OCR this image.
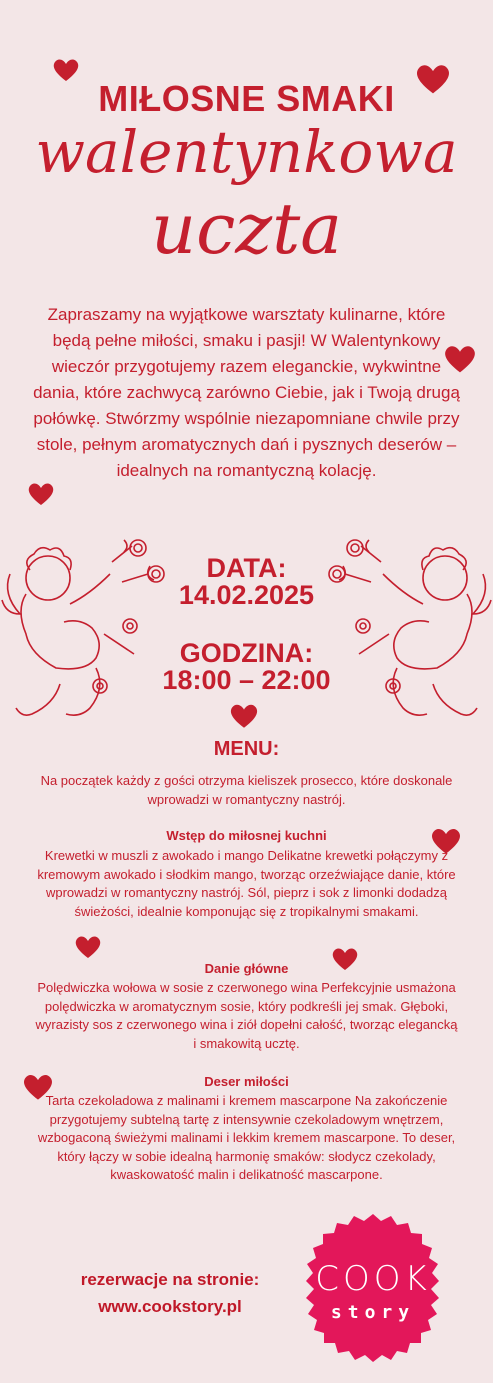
MIŁOSNE SMAKI
walentynkowa
uczta
Zapraszamy na wyjątkowe warsztaty kulinarne, które będą pełne miłości, smaku i pasji! W Walentynkowy wieczór przygotujemy razem eleganckie, wykwintne dania, które zachwycą zarówno Ciebie, jak i Twoją drugą połówkę. Stwórzmy wspólnie niezapomniane chwile przy stole, pełnym aromatycznych dań i pysznych deserów – idealnych na romantyczną kolację.
DATA:
14.02.2025
GODZINA:
18:00 – 22:00
MENU:
Na początek każdy z gości otrzyma kieliszek prosecco, które doskonale wprowadzi w romantyczny nastrój.
Wstęp do miłosnej kuchni
Krewetki w muszli z awokado i mango Delikatne krewetki połączymy z kremowym awokado i słodkim mango, tworząc orzeźwiające danie, które wprowadzi w romantyczny nastrój. Sól, pieprz i sok z limonki dodadzą świeżości, idealnie komponując się z tropikalnymi smakami.
Danie główne
Polędwiczka wołowa w sosie z czerwonego wina Perfekcyjnie usmażona polędwiczka w aromatycznym sosie, który podkreśli jej smak. Głęboki, wyrazisty sos z czerwonego wina i ziół dopełni całość, tworząc elegancką i smakowitą ucztę.
Deser miłości
Tarta czekoladowa z malinami i kremem mascarpone Na zakończenie przygotujemy subtelną tartę z intensywnie czekoladowym wnętrzem, wzbogaconą świeżymi malinami i lekkim kremem mascarpone. To deser, który łączy w sobie idealną harmonię smaków: słodycz czekolady, kwaskowatość malin i delikatność mascarpone.
rezerwacje na stronie:
www.cookstory.pl
COOK
story
